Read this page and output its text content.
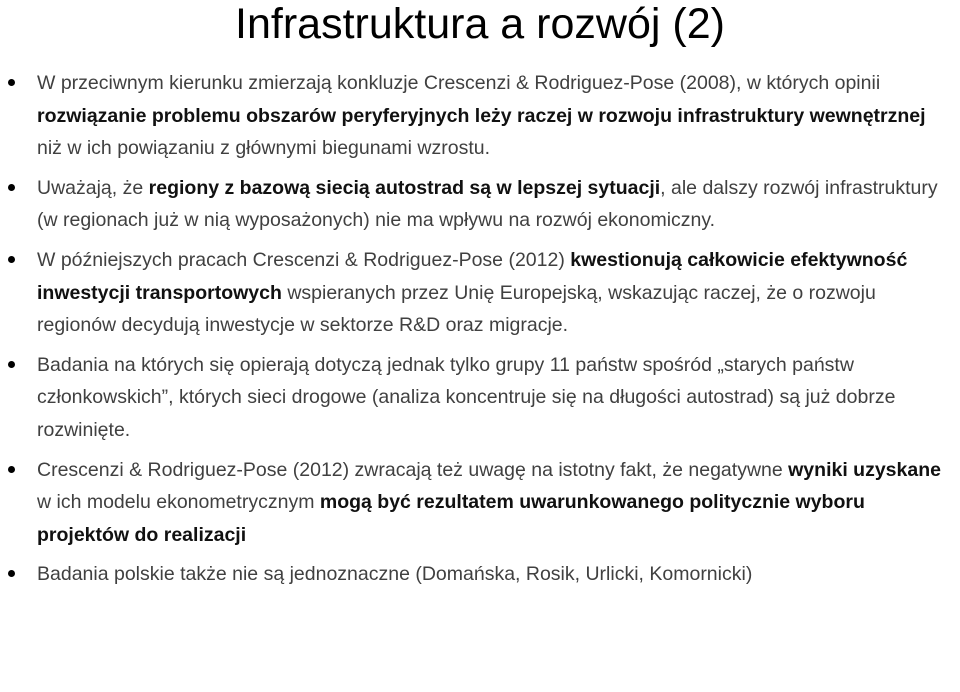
Infrastruktura a rozwój (2)
W przeciwnym kierunku zmierzają konkluzje Crescenzi & Rodriguez-Pose (2008), w których opinii rozwiązanie problemu obszarów peryferyjnych leży raczej w rozwoju infrastruktury wewnętrznej niż w ich powiązaniu z głównymi biegunami wzrostu.
Uważają, że regiony z bazową siecią autostrad są w lepszej sytuacji, ale dalszy rozwój infrastruktury (w regionach już w nią wyposażonych) nie ma wpływu na rozwój ekonomiczny.
W późniejszych pracach Crescenzi & Rodriguez-Pose (2012) kwestionują całkowicie efektywność inwestycji transportowych wspieranych przez Unię Europejską, wskazując raczej, że o rozwoju regionów decydują inwestycje w sektorze R&D oraz migracje.
Badania na których się opierają dotyczą jednak tylko grupy 11 państw spośród „starych państw członkowskich”, których sieci drogowe (analiza koncentruje się na długości autostrad) są już dobrze rozwinięte.
Crescenzi & Rodriguez-Pose (2012) zwracają też uwagę na istotny fakt, że negatywne wyniki uzyskane w ich modelu ekonometrycznym mogą być rezultatem uwarunkowanego politycznie wyboru projektów do realizacji
Badania polskie także nie są jednoznaczne (Domańska, Rosik, Urlicki, Komornicki)
